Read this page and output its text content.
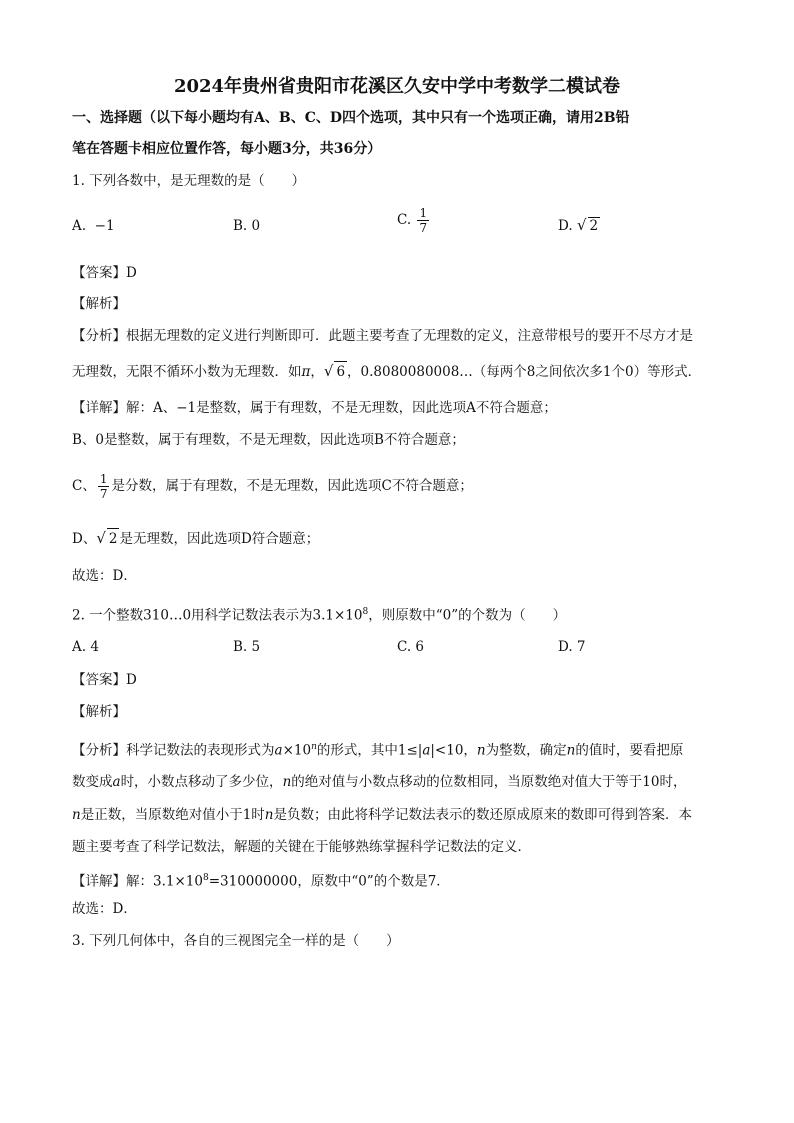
2024年贵州省贵阳市花溪区久安中学中考数学二模试卷
一、选择题（以下每小题均有A、B、C、D四个选项，其中只有一个选项正确，请用2B铅
笔在答题卡相应位置作答，每小题3分，共36分）
1. 下列各数中，是无理数的是（　　）
A. −1	B. 0	C. $\frac{1}{7}$	D. √ 2
【答案】D
【解析】
【分析】根据无理数的定义进行判断即可．此题主要考查了无理数的定义，注意带根号的要开不尽方才是
无理数，无限不循环小数为无理数．如π，√ 6 ，0.8080080008…（每两个8之间依次多1个0）等形式．
【详解】解：A、−1是整数，属于有理数，不是无理数，因此选项A不符合题意；
B、0是整数，属于有理数，不是无理数，因此选项B不符合题意；
C、 $\frac{1}{7}$ 是分数，属于有理数，不是无理数，因此选项C不符合题意；
D、√ 2 是无理数，因此选项D符合题意；
故选：D．
2. 一个整数310…0用科学记数法表示为$3.1\times 10^8$，则原数中“0”的个数为（　　）
A. 4	B. 5	C. 6	D. 7
【答案】D
【解析】
【分析】科学记数法的表现形式为$a\times 10^n$的形式，其中1≤|a|<10，n为整数，确定n的值时，要看把原
数变成a时，小数点移动了多少位，n的绝对值与小数点移动的位数相同，当原数绝对值大于等于10时，
n是正数，当原数绝对值小于1时n是负数；由此将科学记数法表示的数还原成原来的数即可得到答案．本
题主要考查了科学记数法，解题的关键在于能够熟练掌握科学记数法的定义．
【详解】解：$3.1\times 10^8=310000000$，原数中“0”的个数是7．
故选：D．
3. 下列几何体中，各自的三视图完全一样的是（　　）
